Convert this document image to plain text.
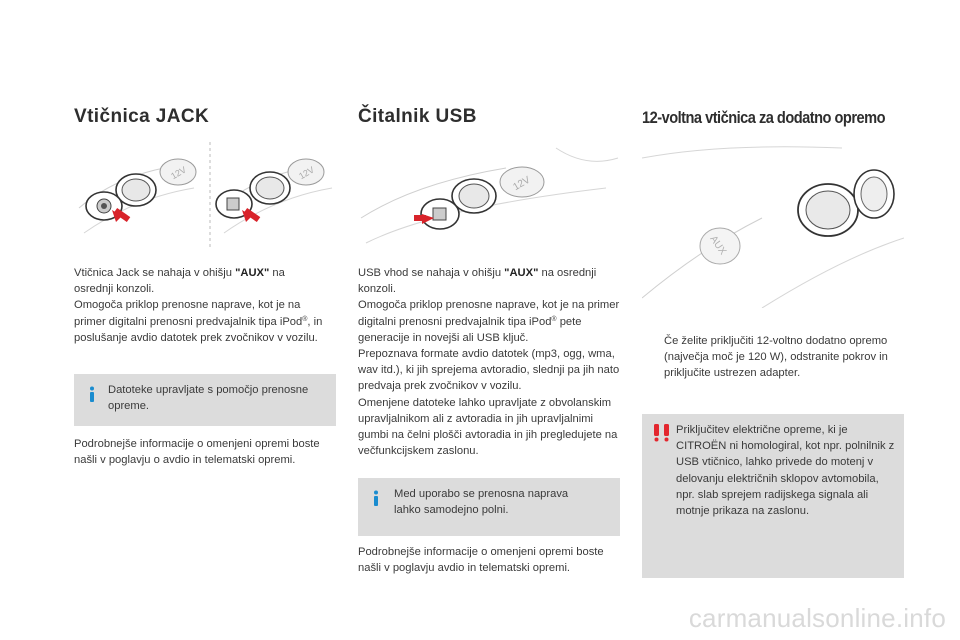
Vtičnica JACK
12V	12V

Vtičnica Jack se nahaja v ohišju "AUX" na osrednji konzoli.

Omogoča priklop prenosne naprave, kot je na primer digitalni prenosni predvajalnik tipa iPod®, in poslušanje avdio datotek prek zvočnikov v vozilu.

Datoteke upravljate s pomočjo prenosne opreme.
Podrobnejše informacije o omenjeni opremi boste našli v poglavju o avdio in telematski opremi.
Čitalnik USB
12V

USB vhod se nahaja v ohišju "AUX" na osrednji konzoli.

Omogoča priklop prenosne naprave, kot je na primer digitalni prenosni predvajalnik tipa iPod® pete generacije in novejši ali USB ključ.

Prepoznava formate avdio datotek (mp3, ogg, wma, wav itd.), ki jih sprejema avtoradio, slednji pa jih nato predvaja prek zvočnikov v vozilu.

Omenjene datoteke lahko upravljate z obvolanskim upravljalnikom ali z avtoradia in jih upravljalnimi gumbi na čelni plošči avtoradia in jih pregledujete na večfunkcijskem zaslonu.

Med uporabo se prenosna naprava lahko samodejno polni.
Podrobnejše informacije o omenjeni opremi boste našli v poglavju avdio in telematski opremi.
12-voltna vtičnica za dodatno opremo
AUX
Če želite priključiti 12-voltno dodatno opremo (največja moč je 120 W), odstranite pokrov in priključite ustrezen adapter.
Priključitev električne opreme, ki je CITROËN ni homologiral, kot npr. polnilnik z USB vtičnico, lahko privede do motenj v delovanju električnih sklopov avtomobila, npr. slab sprejem radijskega signala ali motnje prikaza na zaslonu.
carmanualsonline.info
